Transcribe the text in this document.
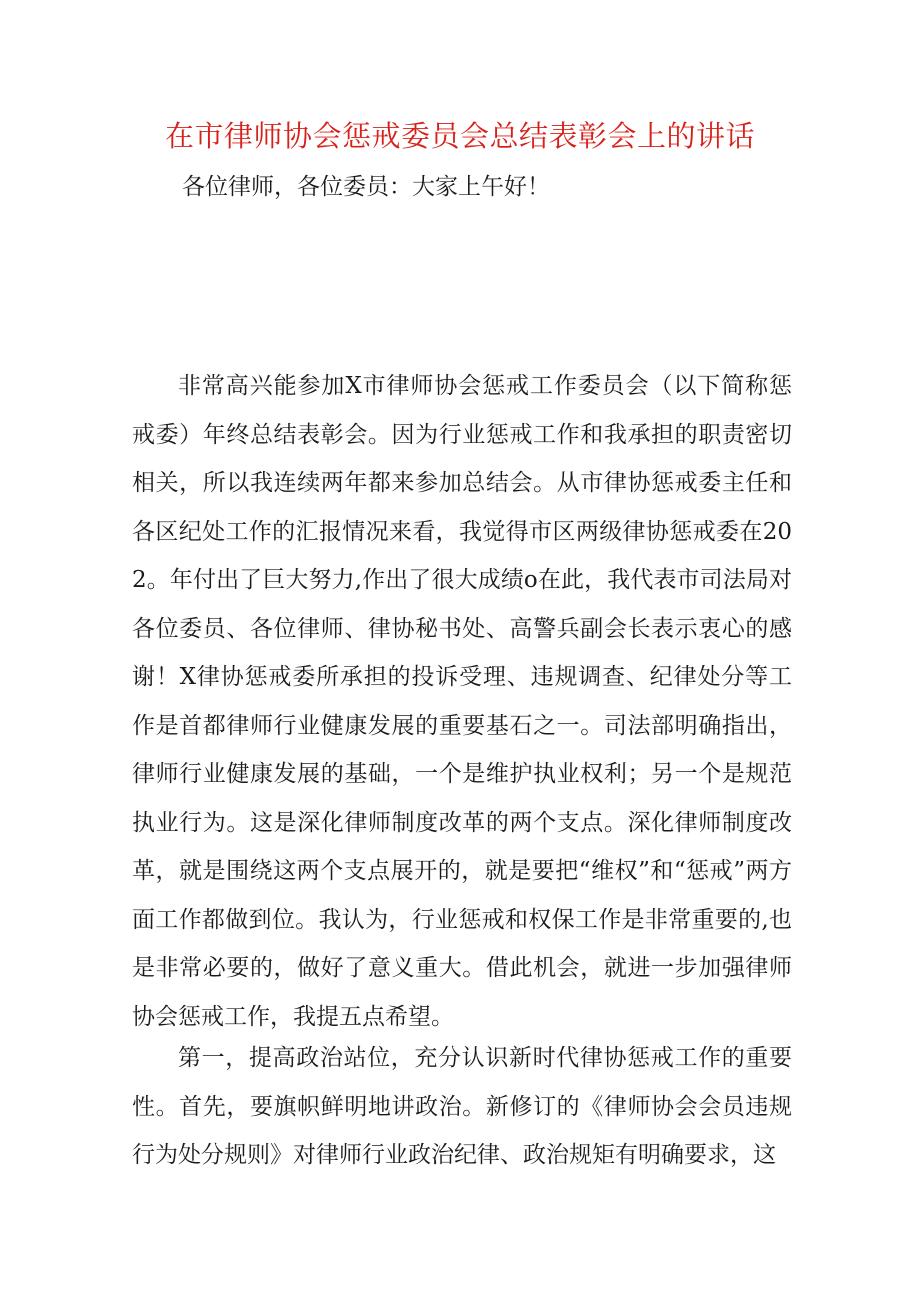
在市律师协会惩戒委员会总结表彰会上的讲话
各位律师，各位委员：大家上午好！

非常高兴能参加X市律师协会惩戒工作委员会（以下简称惩戒委）年终总结表彰会。因为行业惩戒工作和我承担的职责密切相关，所以我连续两年都来参加总结会。从市律协惩戒委主任和各区纪处工作的汇报情况来看，我觉得市区两级律协惩戒委在202。年付出了巨大努力,作出了很大成绩o在此，我代表市司法局对各位委员、各位律师、律协秘书处、高警兵副会长表示衷心的感谢！X律协惩戒委所承担的投诉受理、违规调查、纪律处分等工作是首都律师行业健康发展的重要基石之一。司法部明确指出，律师行业健康发展的基础，一个是维护执业权利；另一个是规范执业行为。这是深化律师制度改革的两个支点。深化律师制度改革，就是围绕这两个支点展开的，就是要把“维权”和“惩戒”两方面工作都做到位。我认为，行业惩戒和权保工作是非常重要的,也是非常必要的，做好了意义重大。借此机会，就进一步加强律师协会惩戒工作，我提五点希望。

第一，提高政治站位，充分认识新时代律协惩戒工作的重要性。首先，要旗帜鲜明地讲政治。新修订的《律师协会会员违规行为处分规则》对律师行业政治纪律、政治规矩有明确要求，这
